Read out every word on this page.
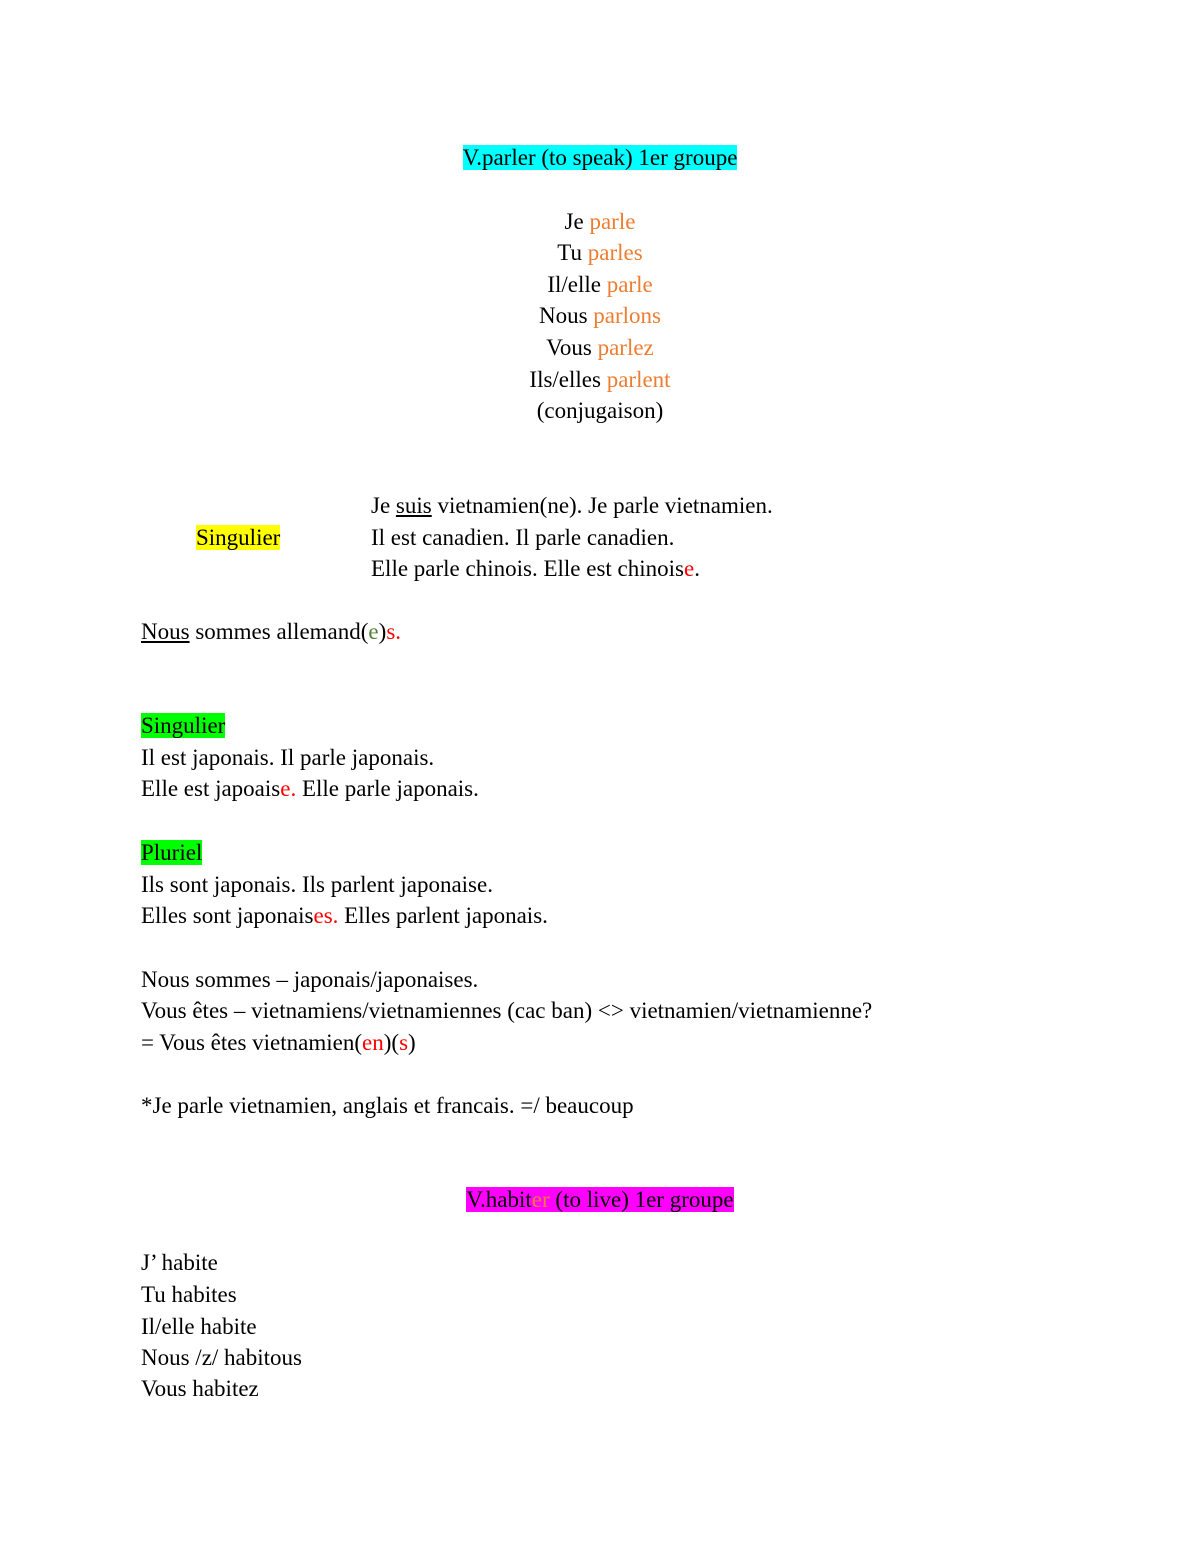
V.parler (to speak) 1er groupe
Je parle
Tu parles
Il/elle parle
Nous parlons
Vous parlez
Ils/elles parlent
(conjugaison)
Singulier
Je suis vietnamien(ne). Je parle vietnamien.
Il est canadien. Il parle canadien.
Elle parle chinois. Elle est chinoise.
Nous sommes allemand(e)s.
Singulier
Il est japonais. Il parle japonais.
Elle est japoaise. Elle parle japonais.
Pluriel
Ils sont japonais. Ils parlent japonaise.
Elles sont japonaises. Elles parlent japonais.
Nous sommes – japonais/japonaises.
Vous êtes – vietnamiens/vietnamiennes (cac ban) <> vietnamien/vietnamienne?
= Vous êtes vietnamien(en)(s)
*Je parle vietnamien, anglais et francais. =/ beaucoup
V.habiter (to live) 1er groupe
J’ habite
Tu habites
Il/elle habite
Nous /z/ habitous
Vous habitez
